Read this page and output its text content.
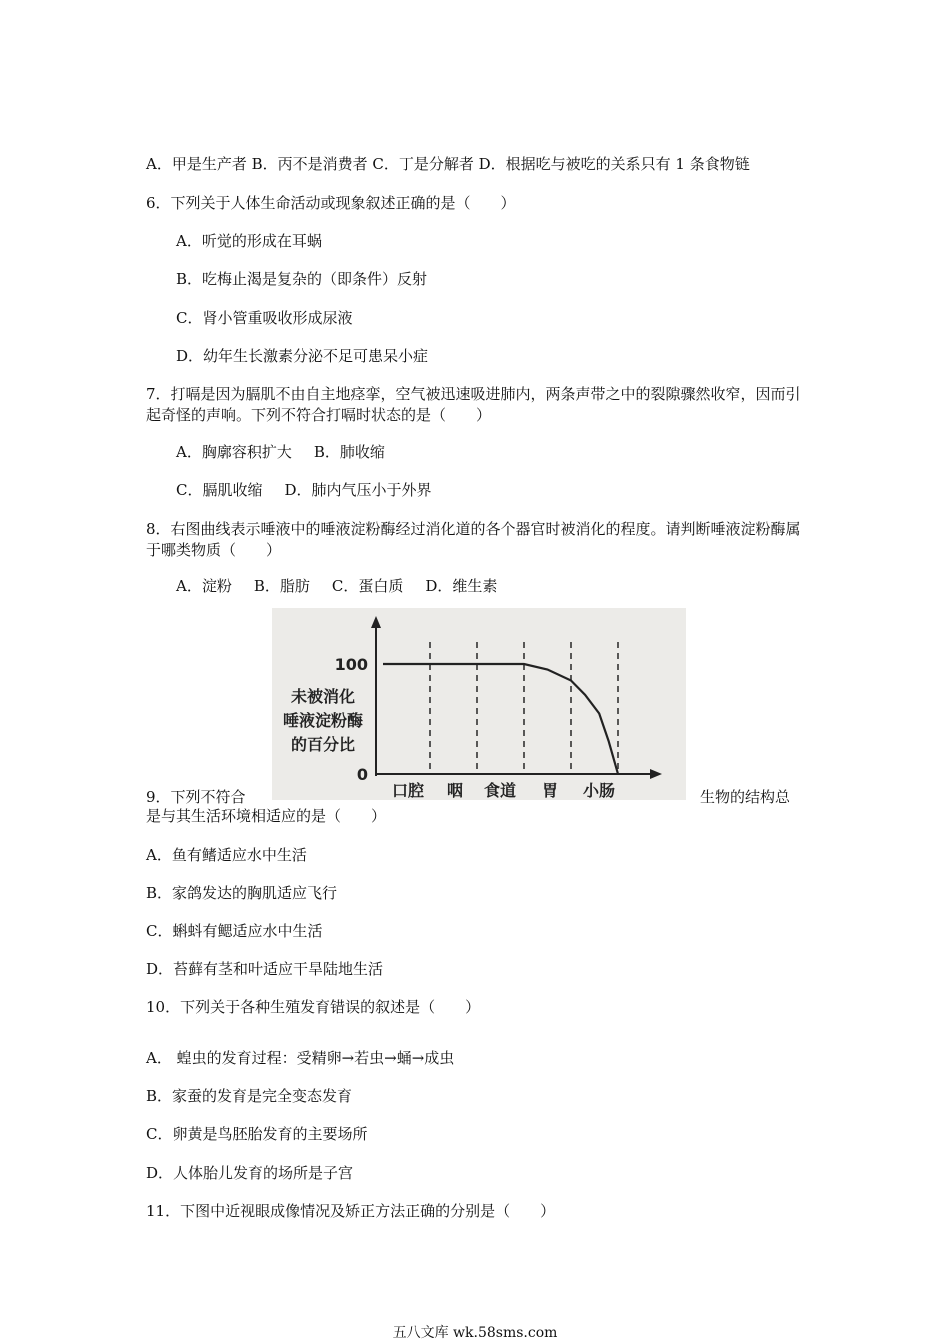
A．甲是生产者 B．丙不是消费者 C．丁是分解者 D．根据吃与被吃的关系只有 1 条食物链
6．下列关于人体生命活动或现象叙述正确的是（　　）
A．听觉的形成在耳蜗
B．吃梅止渴是复杂的（即条件）反射
C．肾小管重吸收形成尿液
D．幼年生长激素分泌不足可患呆小症
7．打嗝是因为膈肌不由自主地痉挛，空气被迅速吸进肺内，两条声带之中的裂隙骤然收窄，因而引起奇怪的声响。下列不符合打嗝时状态的是（　　）
A．胸廓容积扩大 B．肺收缩
C．膈肌收缩 D．肺内气压小于外界
8．右图曲线表示唾液中的唾液淀粉酶经过消化道的各个器官时被消化的程度。请判断唾液淀粉酶属于哪类物质（　　）
A．淀粉 B．脂肪 C．蛋白质 D．维生素
100
0
未被消化
唾液淀粉酶
的百分比
口腔 咽 食道 胃 小肠
9．下列不符合	生物的结构总
是与其生活环境相适应的是（　　）
A．鱼有鳍适应水中生活
B．家鸽发达的胸肌适应飞行
C．蝌蚪有鳃适应水中生活
D．苔藓有茎和叶适应干旱陆地生活
10．下列关于各种生殖发育错误的叙述是（　　）
A． 蝗虫的发育过程：受精卵→若虫→蛹→成虫
B．家蚕的发育是完全变态发育
C．卵黄是鸟胚胎发育的主要场所
D．人体胎儿发育的场所是子宫
11．下图中近视眼成像情况及矫正方法正确的分别是（　　）
五八文库 wk.58sms.com
